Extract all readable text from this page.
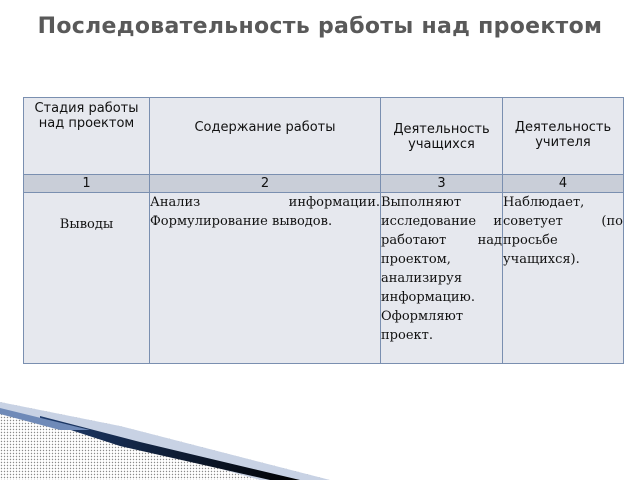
Последовательность работы над проектом
Стадия работы над проектом	Содержание работы	Деятельность учащихся	Деятельность учителя

1	2	3	4

Выводы	Анализ информации. Формулирование выводов.	Выполняют исследование и работают над проектом, анализируя информацию. Оформляют проект.	Наблюдает, советует (по просьбе учащихся).
